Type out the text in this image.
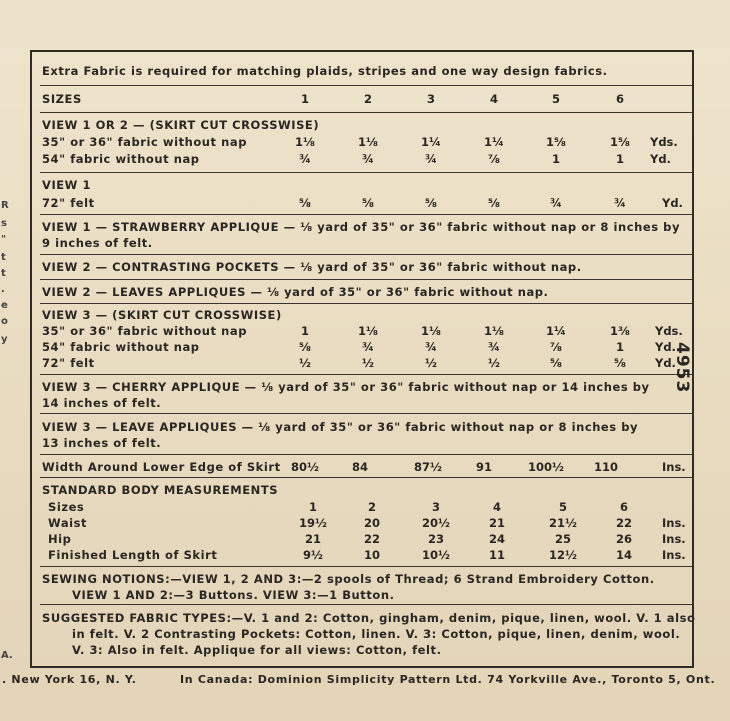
R
s
"
t
t
.
e
o
y
A.
Extra Fabric is required for matching plaids, stripes and one way design fabrics.
SIZES	1	2	3	4	5	6
VIEW 1 OR 2 — (SKIRT CUT CROSSWISE)
35" or 36" fabric without nap	1⅛	1⅛	1¼	1¼	1⅝	1⅝	Yds.
54" fabric without nap	¾	¾	¾	⅞	1	1	Yd.
VIEW 1
72" felt	⅝	⅝	⅝	⅝	¾	¾	Yd.
VIEW 1 — STRAWBERRY APPLIQUE — ⅛ yard of 35" or 36" fabric without nap or 8 inches by
9 inches of felt.
VIEW 2 — CONTRASTING POCKETS — ⅛ yard of 35" or 36" fabric without nap.
VIEW 2 — LEAVES APPLIQUES — ⅛ yard of 35" or 36" fabric without nap.
VIEW 3 — (SKIRT CUT CROSSWISE)
35" or 36" fabric without nap	1	1⅛	1⅛	1⅛	1¼	1⅜	Yds.
54" fabric without nap	⅝	¾	¾	¾	⅞	1	Yd.
72" felt	½	½	½	½	⅝	⅝	Yd.
VIEW 3 — CHERRY APPLIQUE — ⅛ yard of 35" or 36" fabric without nap or 14 inches by
14 inches of felt.
VIEW 3 — LEAVE APPLIQUES — ⅛ yard of 35" or 36" fabric without nap or 8 inches by
13 inches of felt.
Width Around Lower Edge of Skirt 80½	84	87½	91	100½	110	Ins.
STANDARD BODY MEASUREMENTS
Sizes	1	2	3	4	5	6
Waist	19½	20	20½	21	21½	22	Ins.
Hip	21	22	23	24	25	26	Ins.
Finished Length of Skirt	9½	10	10½	11	12½	14	Ins.
SEWING NOTIONS:—VIEW 1, 2 AND 3:—2 spools of Thread; 6 Strand Embroidery Cotton.
VIEW 1 AND 2:—3 Buttons. VIEW 3:—1 Button.
SUGGESTED FABRIC TYPES:—V. 1 and 2: Cotton, gingham, denim, pique, linen, wool. V. 1 also
in felt. V. 2 Contrasting Pockets: Cotton, linen. V. 3: Cotton, pique, linen, denim, wool.
V. 3: Also in felt. Applique for all views: Cotton, felt.
4953
. New York 16, N. Y.	In Canada: Dominion Simplicity Pattern Ltd. 74 Yorkville Ave., Toronto 5, Ont.
